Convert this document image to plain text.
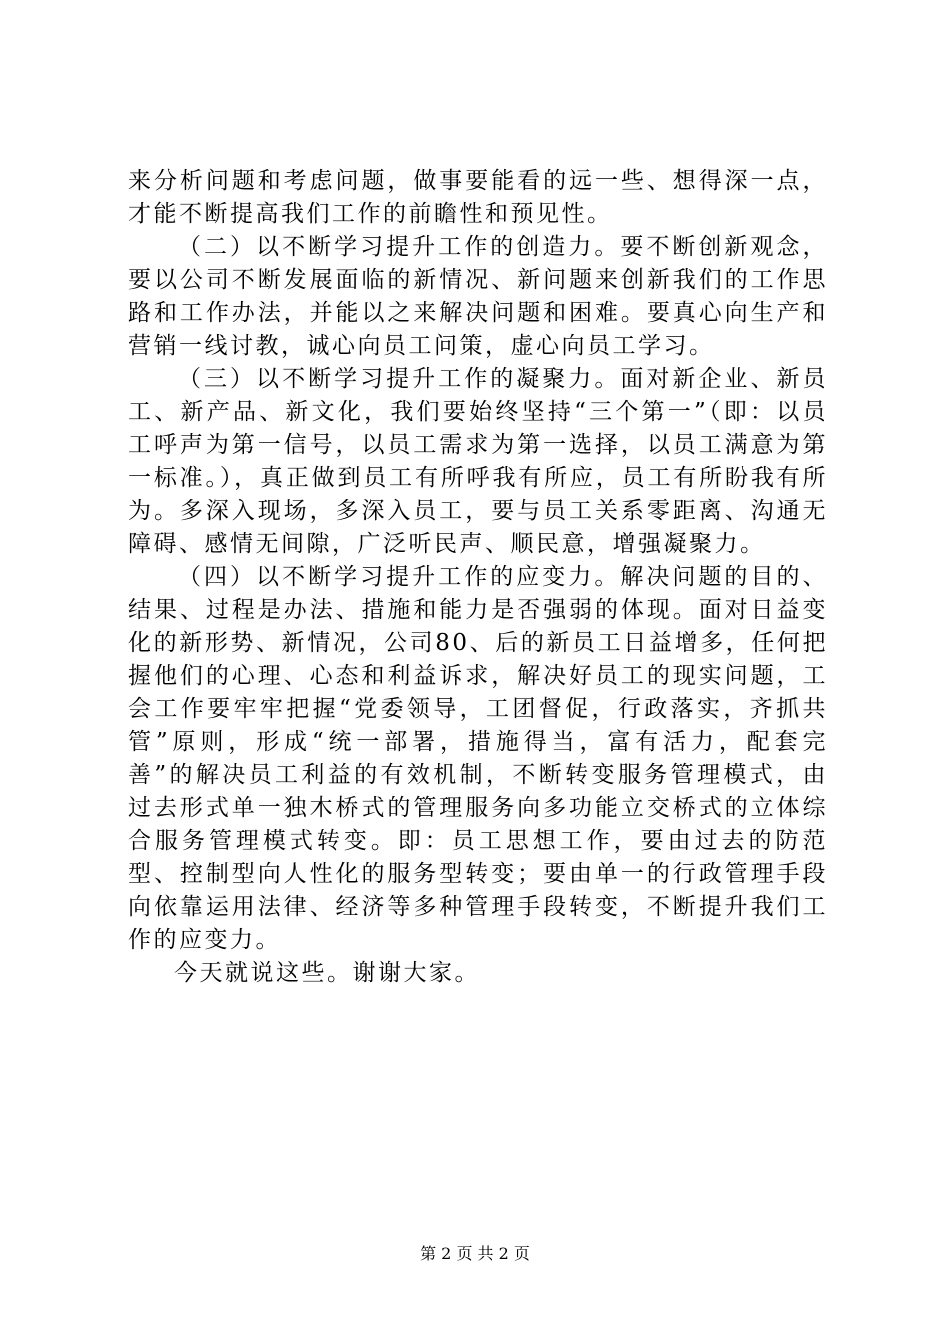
来分析问题和考虑问题，做事要能看的远一些、想得深一点，才能不断提高我们工作的前瞻性和预见性。

（二）以不断学习提升工作的创造力。要不断创新观念，要以公司不断发展面临的新情况、新问题来创新我们的工作思路和工作办法，并能以之来解决问题和困难。要真心向生产和营销一线讨教，诚心向员工问策，虚心向员工学习。

（三）以不断学习提升工作的凝聚力。面对新企业、新员工、新产品、新文化，我们要始终坚持“三个第一”（即：以员工呼声为第一信号，以员工需求为第一选择，以员工满意为第一标准。），真正做到员工有所呼我有所应，员工有所盼我有所为。多深入现场，多深入员工，要与员工关系零距离、沟通无障碍、感情无间隙，广泛听民声、顺民意，增强凝聚力。

（四）以不断学习提升工作的应变力。解决问题的目的、结果、过程是办法、措施和能力是否强弱的体现。面对日益变化的新形势、新情况，公司80、后的新员工日益增多，任何把握他们的心理、心态和利益诉求，解决好员工的现实问题，工会工作要牢牢把握“党委领导，工团督促，行政落实，齐抓共管”原则，形成“统一部署，措施得当，富有活力，配套完善”的解决员工利益的有效机制，不断转变服务管理模式，由过去形式单一独木桥式的管理服务向多功能立交桥式的立体综合服务管理模式转变。即：员工思想工作，要由过去的防范型、控制型向人性化的服务型转变；要由单一的行政管理手段向依靠运用法律、经济等多种管理手段转变，不断提升我们工作的应变力。

今天就说这些。谢谢大家。

第 2 页 共 2 页
